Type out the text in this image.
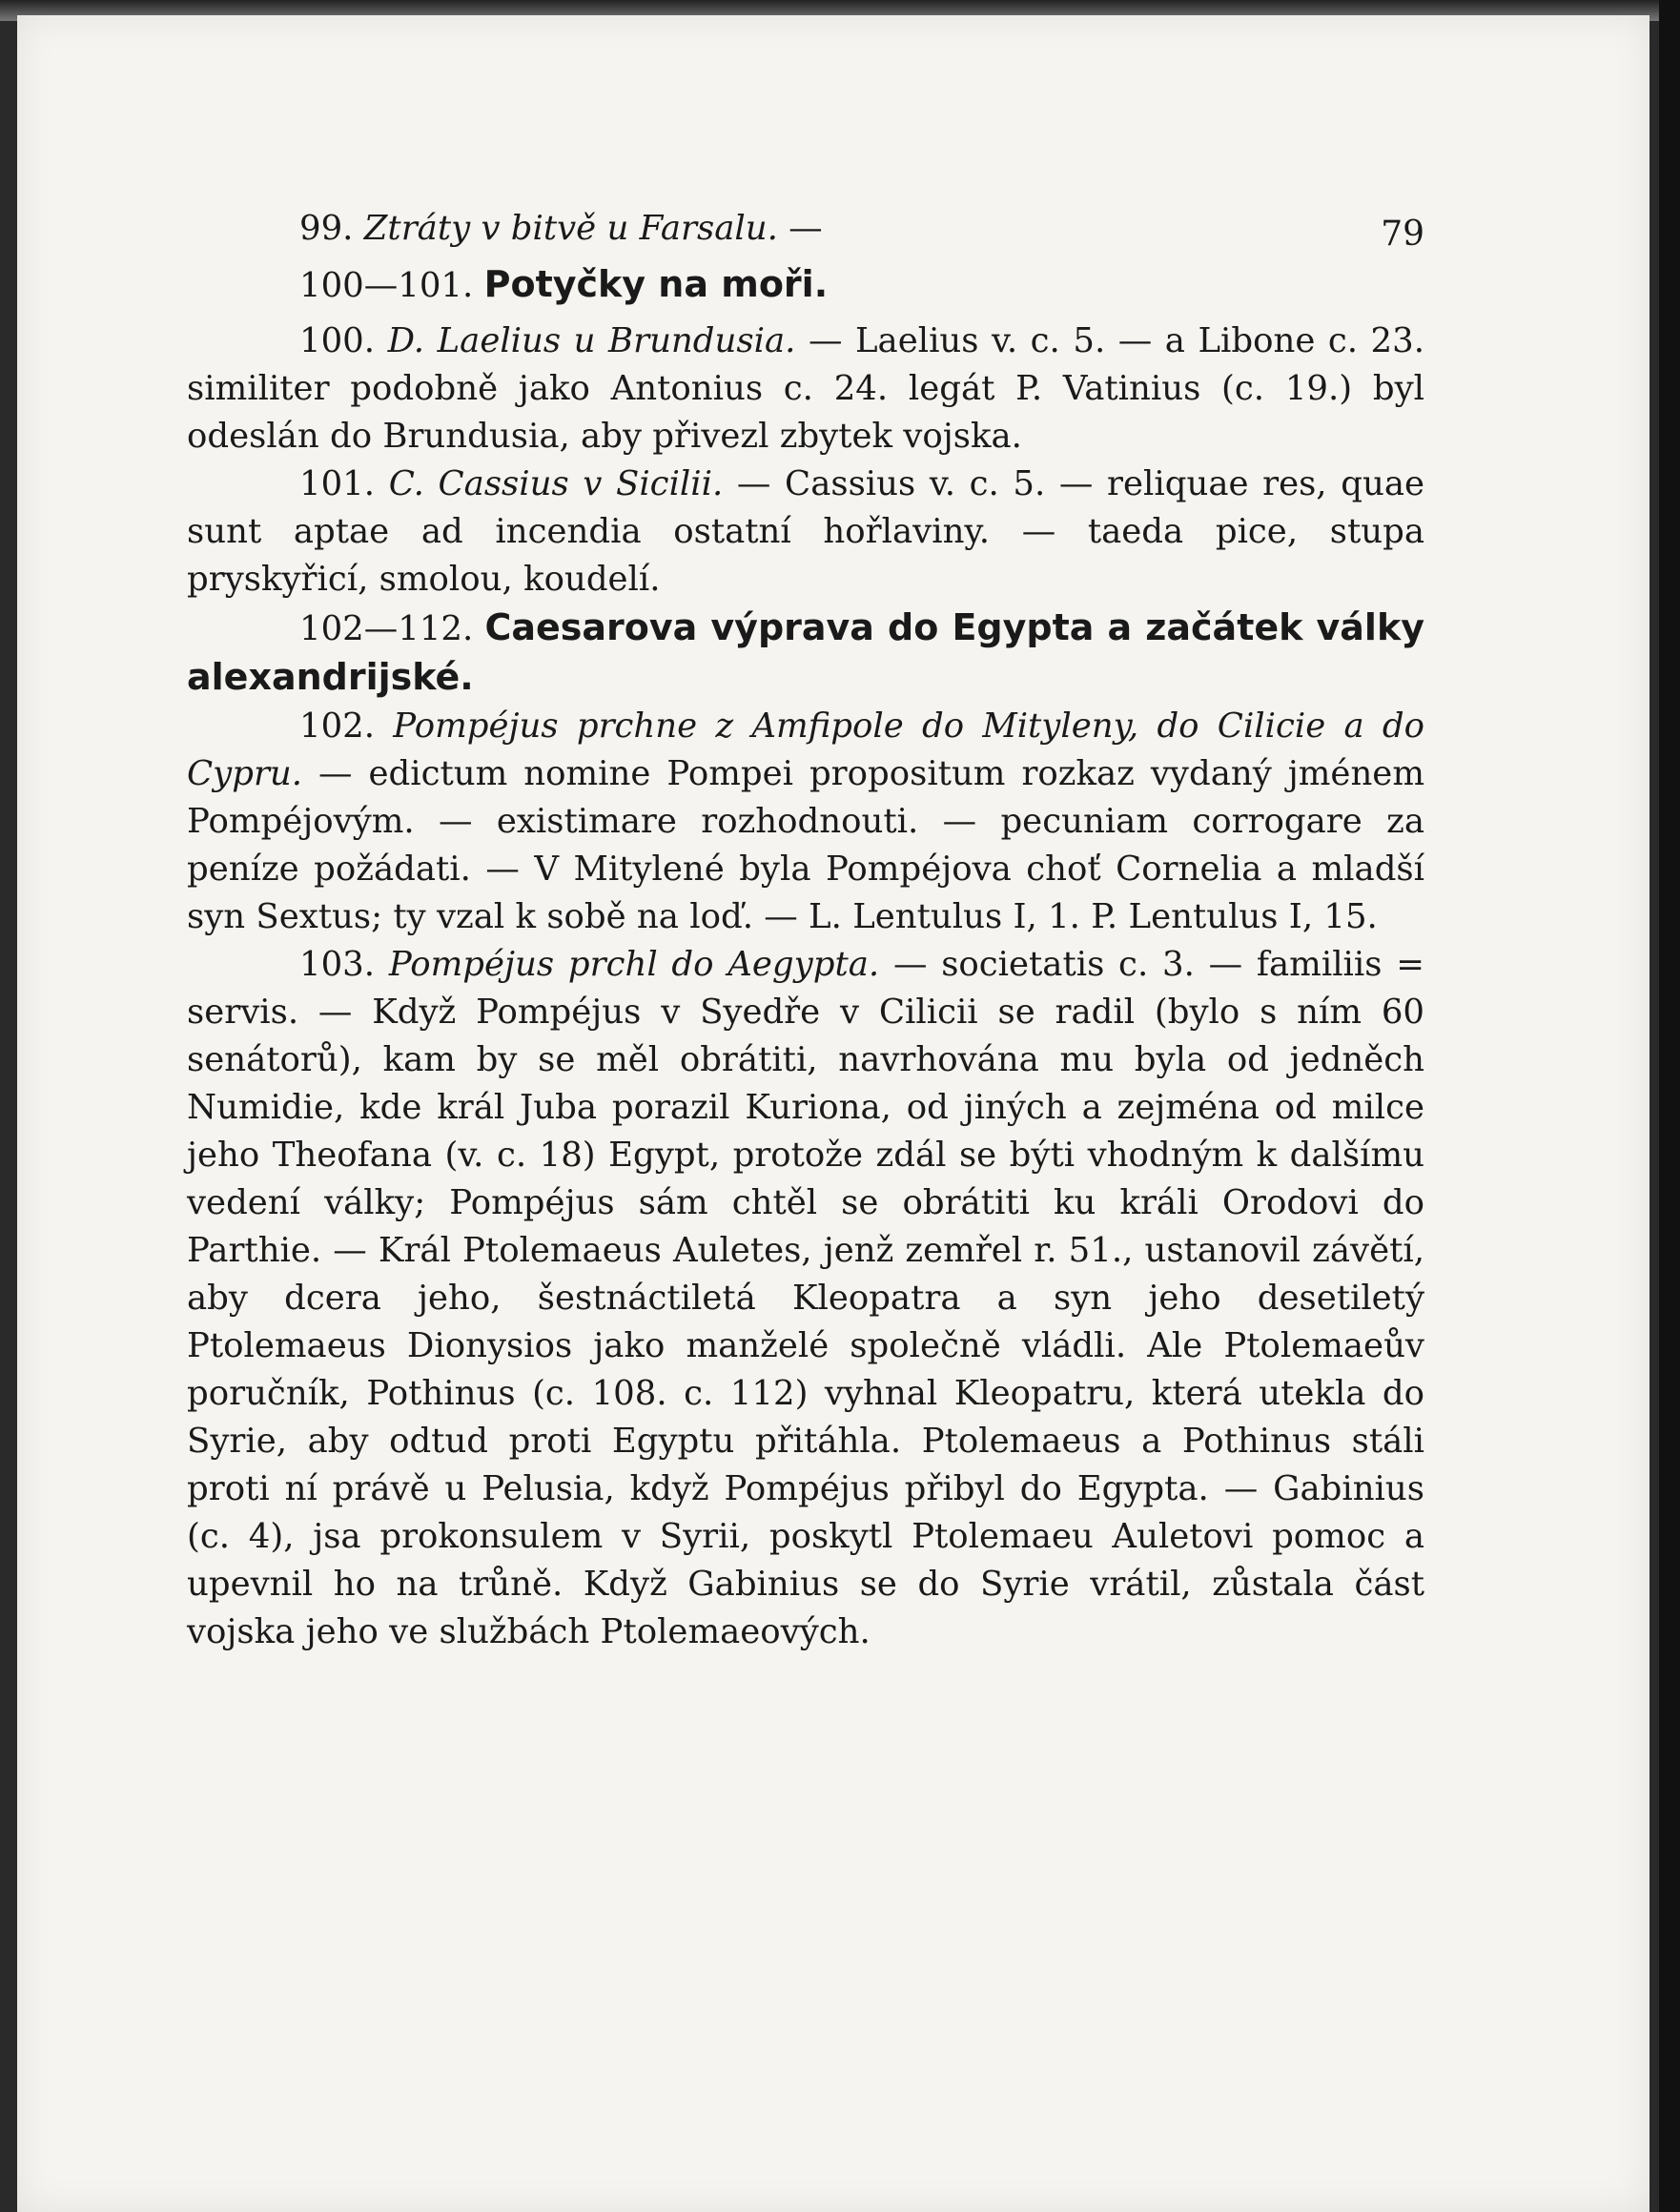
79

99. Ztráty v bitvě u Farsalu. —

100—101. Potyčky na moři.

100. D. Laelius u Brundusia. — Laelius v. c. 5. — a Libone c. 23. similiter podobně jako Antonius c. 24. legát P. Vatinius (c. 19.) byl odeslán do Brundusia, aby přivezl zbytek vojska.

101. C. Cassius v Sicilii. — Cassius v. c. 5. — reliquae res, quae sunt aptae ad incendia ostatní hořlaviny. — taeda pice, stupa pryskyřicí, smolou, koudelí.

102—112. Caesarova výprava do Egypta a začátek války alexandrijské.

102. Pompéjus prchne z Amfipole do Mityleny, do Cilicie a do Cypru. — edictum nomine Pompei propositum rozkaz vydaný jménem Pompéjovým. — existimare rozhodnouti. — pecuniam corrogare za peníze požádati. — V Mitylené byla Pompéjova choť Cornelia a mladší syn Sextus; ty vzal k sobě na loď. — L. Lentulus I, 1. P. Lentulus I, 15.

103. Pompéjus prchl do Aegypta. — societatis c. 3. — familiis = servis. — Když Pompéjus v Syedře v Cilicii se radil (bylo s ním 60 senátorů), kam by se měl obrátiti, navrhována mu byla od jedněch Numidie, kde král Juba porazil Kuriona, od jiných a zejména od milce jeho Theofana (v. c. 18) Egypt, protože zdál se býti vhodným k dalšímu vedení války; Pompéjus sám chtěl se obrátiti ku králi Orodovi do Parthie. — Král Ptolemaeus Auletes, jenž zemřel r. 51., ustanovil závětí, aby dcera jeho, šestnáctiletá Kleopatra a syn jeho desetiletý Ptolemaeus Dionysios jako manželé společně vládli. Ale Ptolemaeův poručník, Pothinus (c. 108. c. 112) vyhnal Kleopatru, která utekla do Syrie, aby odtud proti Egyptu přitáhla. Ptolemaeus a Pothinus stáli proti ní právě u Pelusia, když Pompéjus přibyl do Egypta. — Gabinius (c. 4), jsa prokonsulem v Syrii, poskytl Ptolemaeu Auletovi pomoc a upevnil ho na trůně. Když Gabinius se do Syrie vrátil, zůstala část vojska jeho ve službách Ptolemaeových.
